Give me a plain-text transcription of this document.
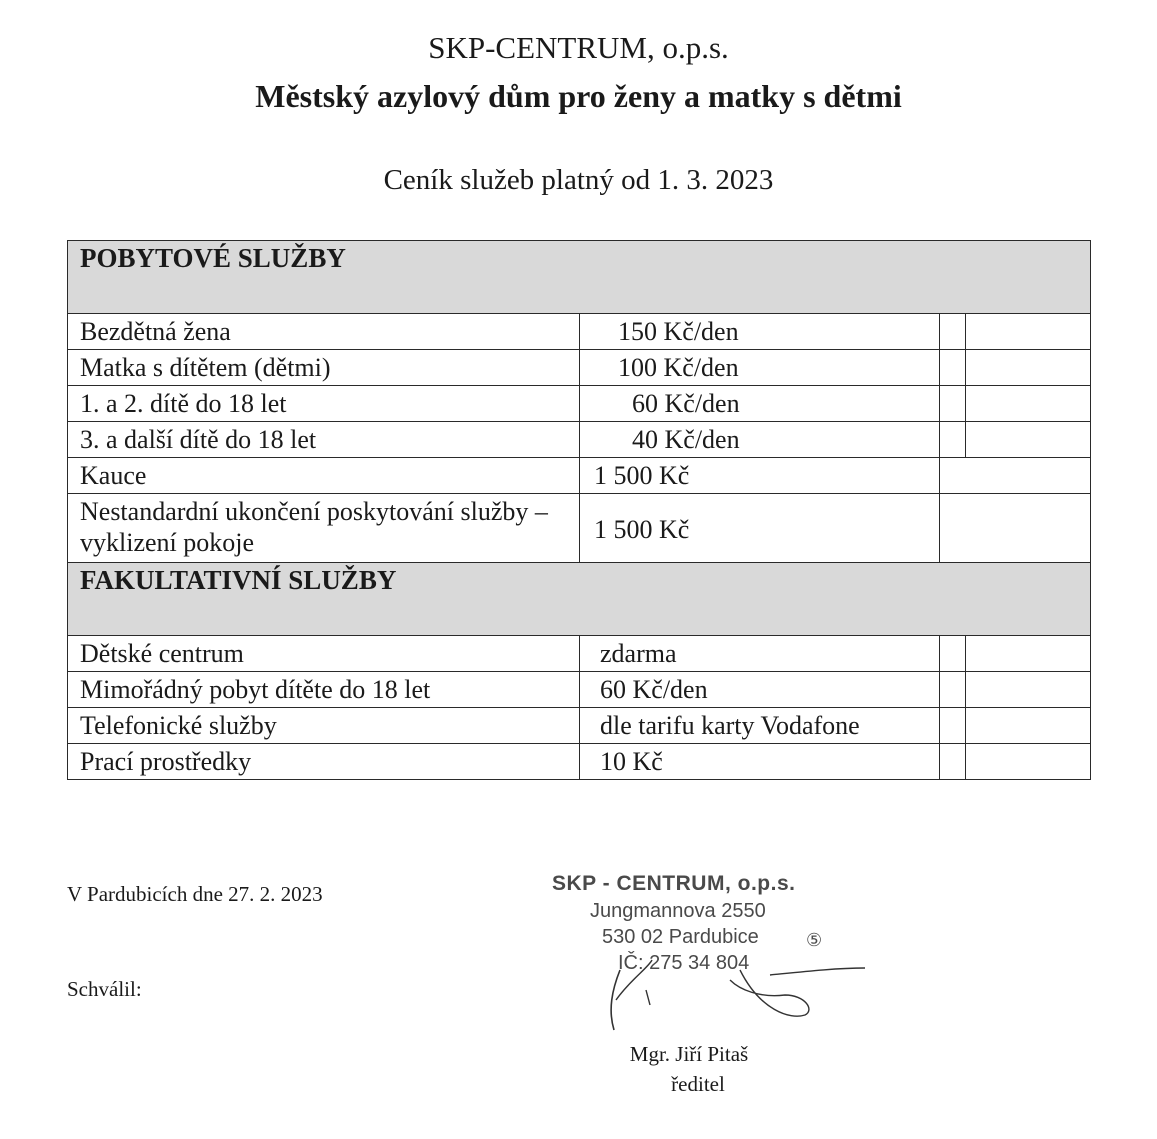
SKP-CENTRUM, o.p.s.
Městský azylový dům pro ženy a matky s dětmi
Ceník služeb platný od 1. 3. 2023
POBYTOVÉ SLUŽBY			
Bezdětná žena	150 Kč/den		
Matka s dítětem (dětmi)	100 Kč/den		
1. a 2. dítě do 18 let	60 Kč/den		
3. a další dítě do 18 let	40 Kč/den		
Kauce	1 500 Kč		
Nestandardní ukončení poskytování služby – vyklizení pokoje	1 500 Kč		
FAKULTATIVNÍ SLUŽBY			
Dětské centrum	zdarma		
Mimořádný pobyt dítěte do 18 let	60 Kč/den		
Telefonické služby	dle tarifu karty Vodafone		
Prací prostředky	10 Kč		
V Pardubicích dne 27. 2. 2023
Schválil:
SKP - CENTRUM, o.p.s.
Jungmannova 2550
530 02 Pardubice
IČ: 275 34 804
⑤
Mgr. Jiří Pitaš
ředitel
